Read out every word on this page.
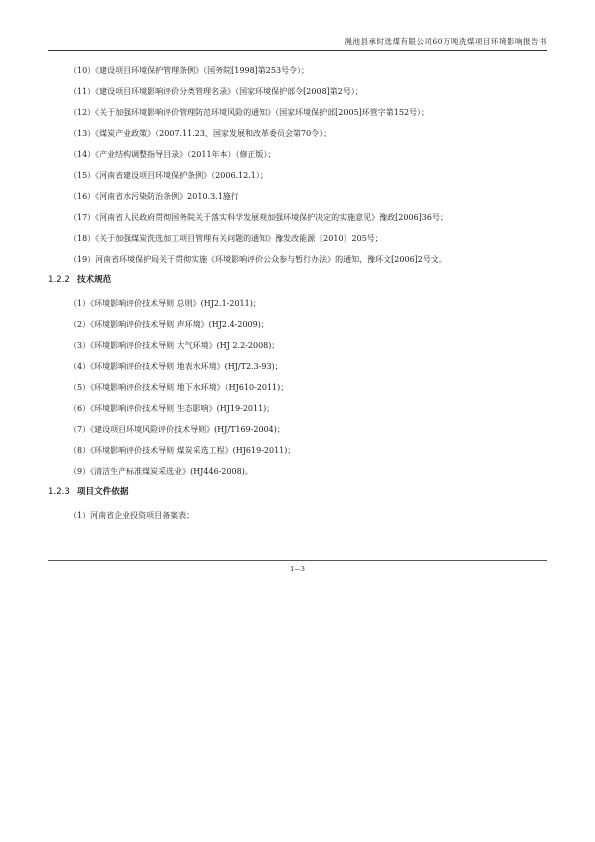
渑池县承时选煤有限公司60万吨洗煤项目环境影响报告书

（10）《建设项目环境保护管理条例》（国务院[1998]第253号令）；

（11）《建设项目环境影响评价分类管理名录》（国家环境保护部令[2008]第2号）；

（12）《关于加强环境影响评价管理防范环境风险的通知》（国家环境保护部[2005]环管字第152号）；

（13）《煤炭产业政策》（2007.11.23、国家发展和改革委员会第70令）；

（14）《产业结构调整指导目录》（2011年本）（修正版）；

（15）《河南省建设项目环境保护条例》（2006.12.1）；

（16）《河南省水污染防治条例》2010.3.1施行

（17）《河南省人民政府贯彻国务院关于落实科学发展观加强环境保护决定的实施意见》豫政[2006]36号；

（18）《关于加强煤炭洗选加工项目管理有关问题的通知》豫发改能源〔2010〕205号；

（19）河南省环境保护局关于贯彻实施《环境影响评价公众参与暂行办法》的通知，豫环文[2006]2号文。

1.2.2 技术规范

（1）《环境影响评价技术导则 总则》(HJ2.1-2011)；

（2）《环境影响评价技术导则 声环境》(HJ2.4-2009)；

（3）《环境影响评价技术导则 大气环境》(HJ 2.2-2008)；

（4）《环境影响评价技术导则 地表水环境》(HJ/T2.3-93)；

（5）《环境影响评价技术导则 地下水环境》（HJ610-2011)；

（6）《环境影响评价技术导则 生态影响》(HJ19-2011)；

（7）《建设项目环境风险评价技术导则》(HJ/T169-2004)；

（8）《环境影响评价技术导则 煤炭采选工程》(HJ619-2011)；

（9）《清洁生产标准煤炭采选业》(HJ446-2008)。

1.2.3 项目文件依据

（1）河南省企业投资项目备案表；

1—3
